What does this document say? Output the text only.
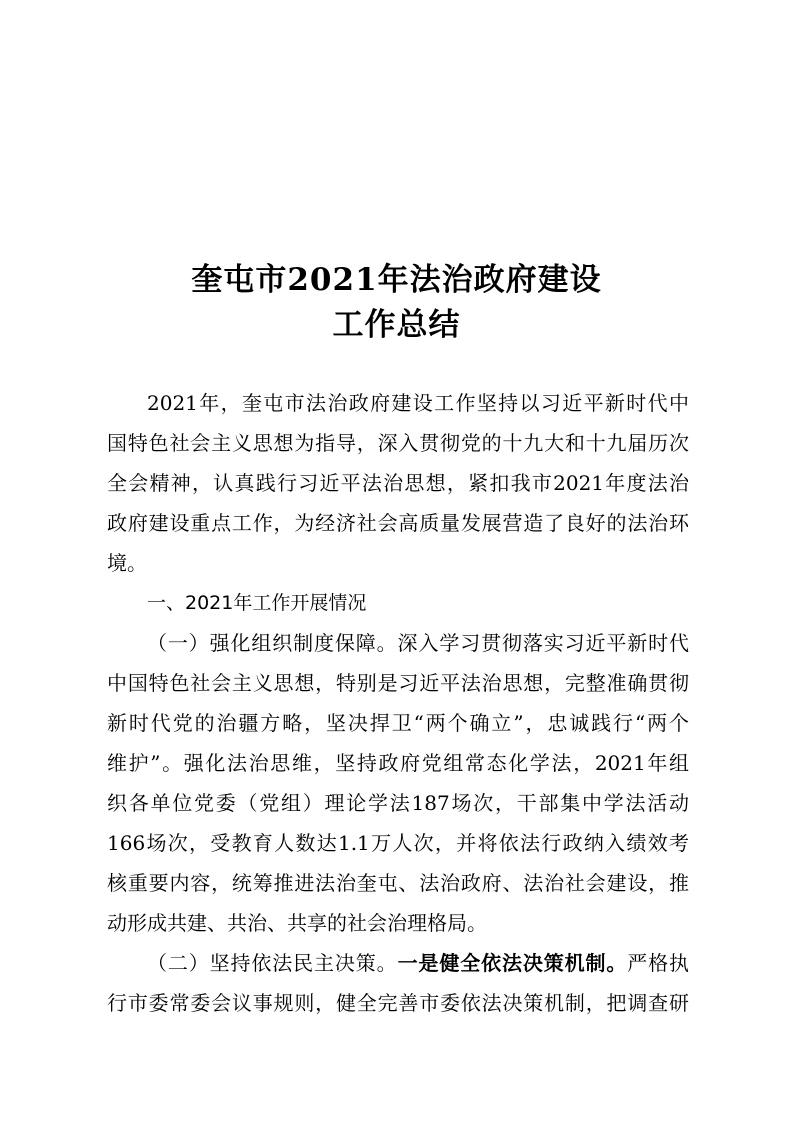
奎屯市2021年法治政府建设
工作总结
2021年，奎屯市法治政府建设工作坚持以习近平新时代中
国特色社会主义思想为指导，深入贯彻党的十九大和十九届历次
全会精神，认真践行习近平法治思想，紧扣我市2021年度法治
政府建设重点工作，为经济社会高质量发展营造了良好的法治环
境。
一、2021年工作开展情况
（一）强化组织制度保障。深入学习贯彻落实习近平新时代
中国特色社会主义思想，特别是习近平法治思想，完整准确贯彻
新时代党的治疆方略，坚决捍卫“两个确立”，忠诚践行“两个
维护”。强化法治思维，坚持政府党组常态化学法，2021年组
织各单位党委（党组）理论学法187场次，干部集中学法活动
166场次，受教育人数达1.1万人次，并将依法行政纳入绩效考
核重要内容，统筹推进法治奎屯、法治政府、法治社会建设，推
动形成共建、共治、共享的社会治理格局。
（二）坚持依法民主决策。一是健全依法决策机制。严格执
行市委常委会议事规则，健全完善市委依法决策机制，把调查研
